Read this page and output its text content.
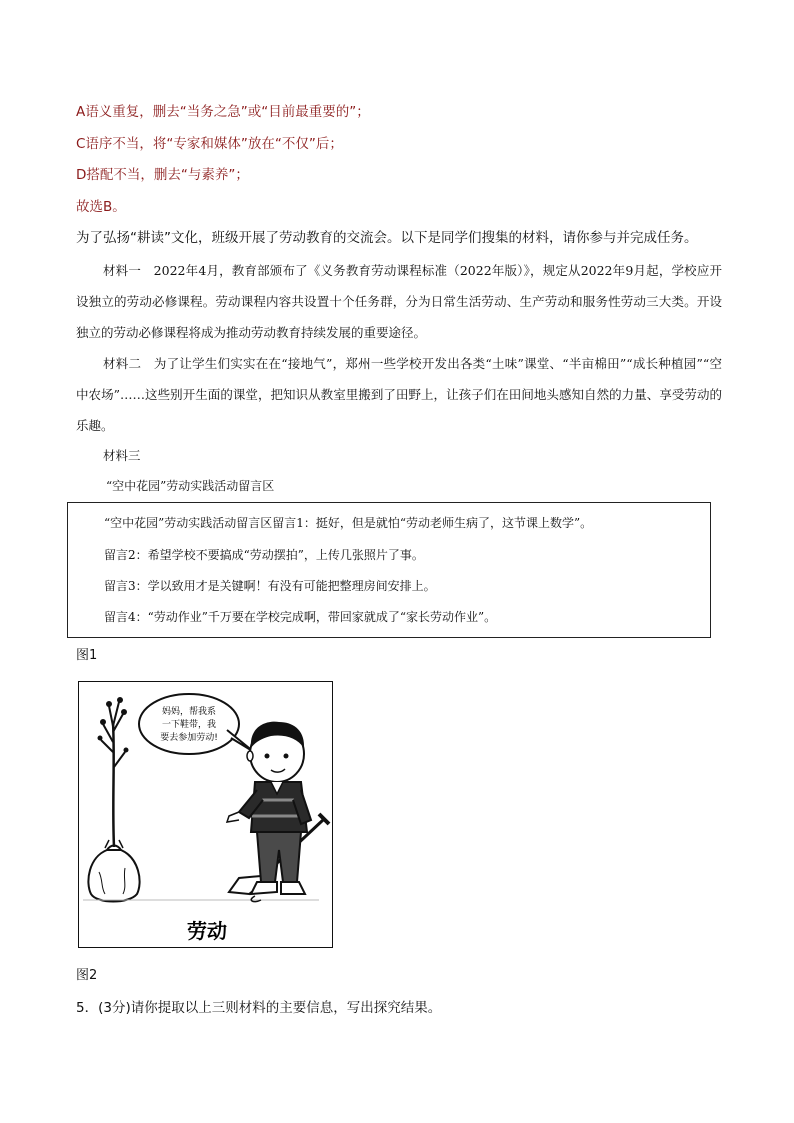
A语义重复，删去“当务之急”或“目前最重要的”；
C语序不当，将“专家和媒体”放在“不仅”后；
D搭配不当，删去“与素养”；
故选B。
为了弘扬“耕读”文化，班级开展了劳动教育的交流会。以下是同学们搜集的材料，请你参与并完成任务。
材料一　2022年4月，教育部颁布了《义务教育劳动课程标准（2022年版）》，规定从2022年9月起，学校应开设独立的劳动必修课程。劳动课程内容共设置十个任务群，分为日常生活劳动、生产劳动和服务性劳动三大类。开设独立的劳动必修课程将成为推动劳动教育持续发展的重要途径。
材料二　为了让学生们实实在在“接地气”，郑州一些学校开发出各类“土味”课堂、“半亩棉田”“成长种植园”“空中农场”……这些别开生面的课堂，把知识从教室里搬到了田野上，让孩子们在田间地头感知自然的力量、享受劳动的乐趣。
材料三
“空中花园”劳动实践活动留言区
“空中花园”劳动实践活动留言区留言1：挺好，但是就怕“劳动老师生病了，这节课上数学”。
留言2：希望学校不要搞成“劳动摆拍”，上传几张照片了事。
留言3：学以致用才是关键啊！有没有可能把整理房间安排上。
留言4：“劳动作业”千万要在学校完成啊，带回家就成了“家长劳动作业”。
图1
妈妈，帮我系
一下鞋带，我
要去参加劳动!
劳动
图2
5．(3分)请你提取以上三则材料的主要信息，写出探究结果。
